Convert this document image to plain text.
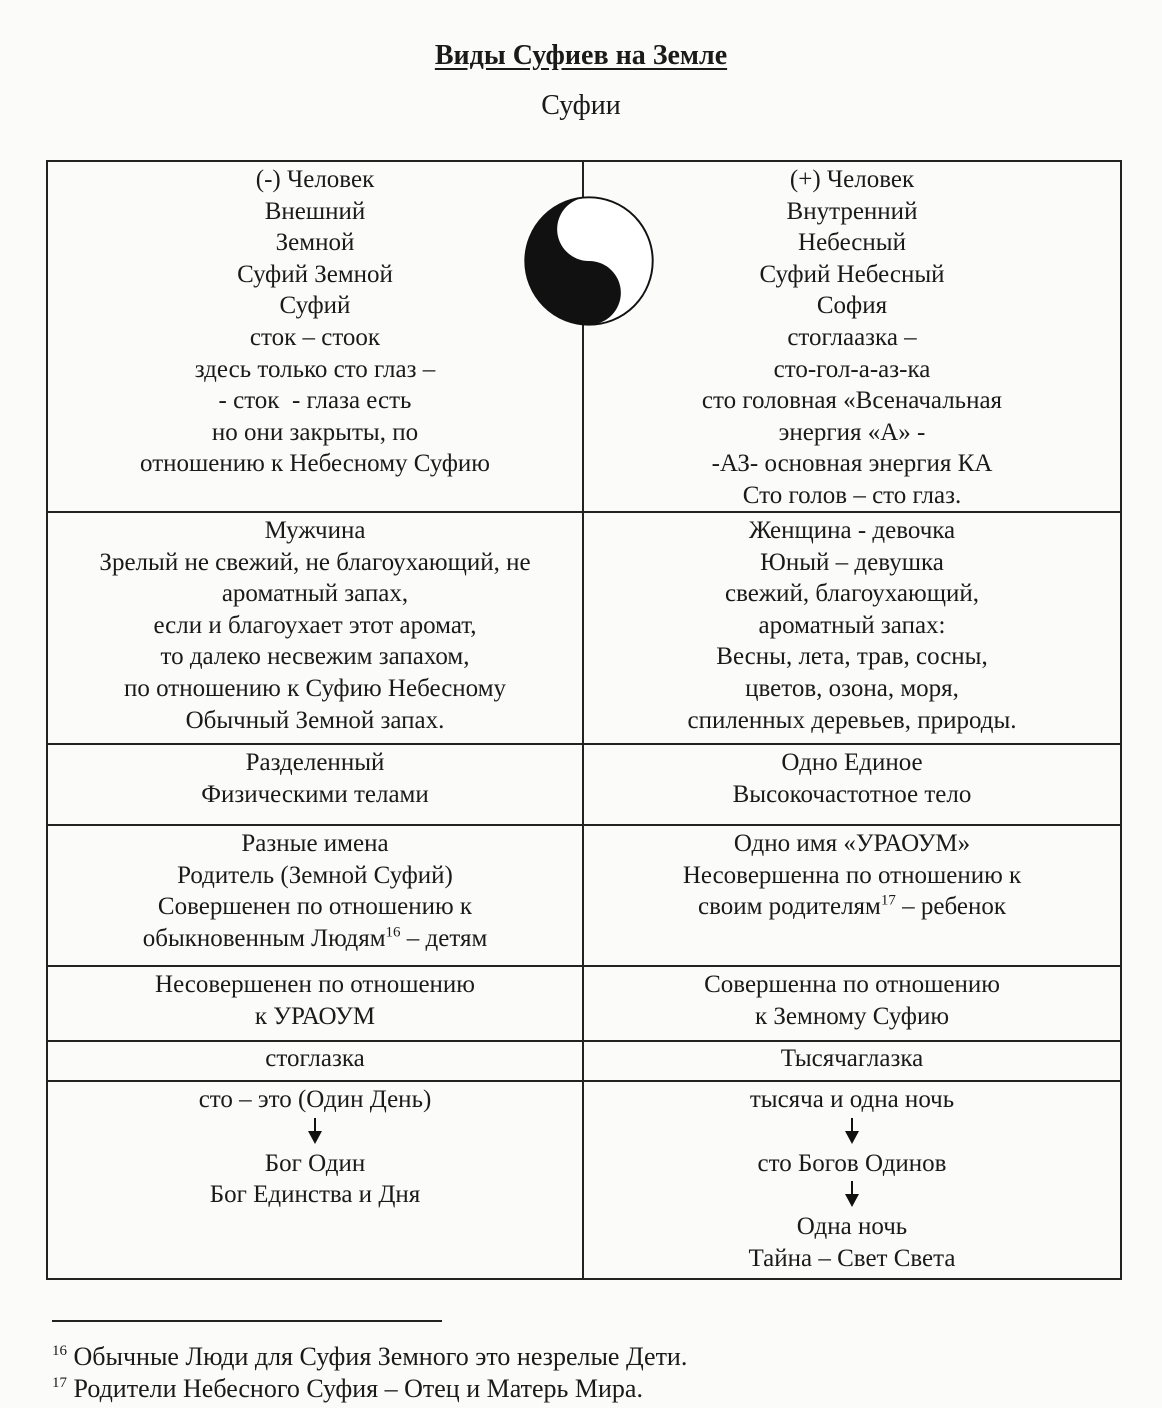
Виды Суфиев на Земле
Суфии
(-) Человек
Внешний
Земной
Суфий Земной
Суфий
сток – стоок
здесь только сто глаз –
- сток  - глаза есть
но они закрыты, по
отношению к Небесному Суфию
(+) Человек
Внутренний
Небесный
Суфий Небесный
София
стоглаазка –
сто-гол-а-аз-ка
сто головная «Всеначальная
энергия «А» -
-АЗ- основная энергия КА
Сто голов – сто глаз.
Мужчина
Зрелый не свежий, не благоухающий, не
ароматный запах,
если и благоухает этот аромат,
то далеко несвежим запахом,
по отношению к Суфию Небесному
Обычный Земной запах.
Женщина - девочка
Юный – девушка
свежий, благоухающий,
ароматный запах:
Весны, лета, трав, сосны,
цветов, озона, моря,
спиленных деревьев, природы.
Разделенный
Физическими телами
Одно Единое
Высокочастотное тело
Разные имена
Родитель (Земной Суфий)
Совершенен по отношению к
обыкновенным Людям$^{16}$ – детям
Одно имя «УРАОУМ»
Несовершенна по отношению к
своим родителям$^{17}$ – ребенок
Несовершенен по отношению
к УРАОУМ
Совершенна по отношению
к Земному Суфию
стоглазка	Тысячаглазка
сто – это (Один День)
Бог Один
Бог Единства и Дня
тысяча и одна ночь
сто Богов Одинов
Одна ночь
Тайна – Свет Света
$^{16}$ Обычные Люди для Суфия Земного это незрелые Дети.
$^{17}$ Родители Небесного Суфия – Отец и Матерь Мира.
